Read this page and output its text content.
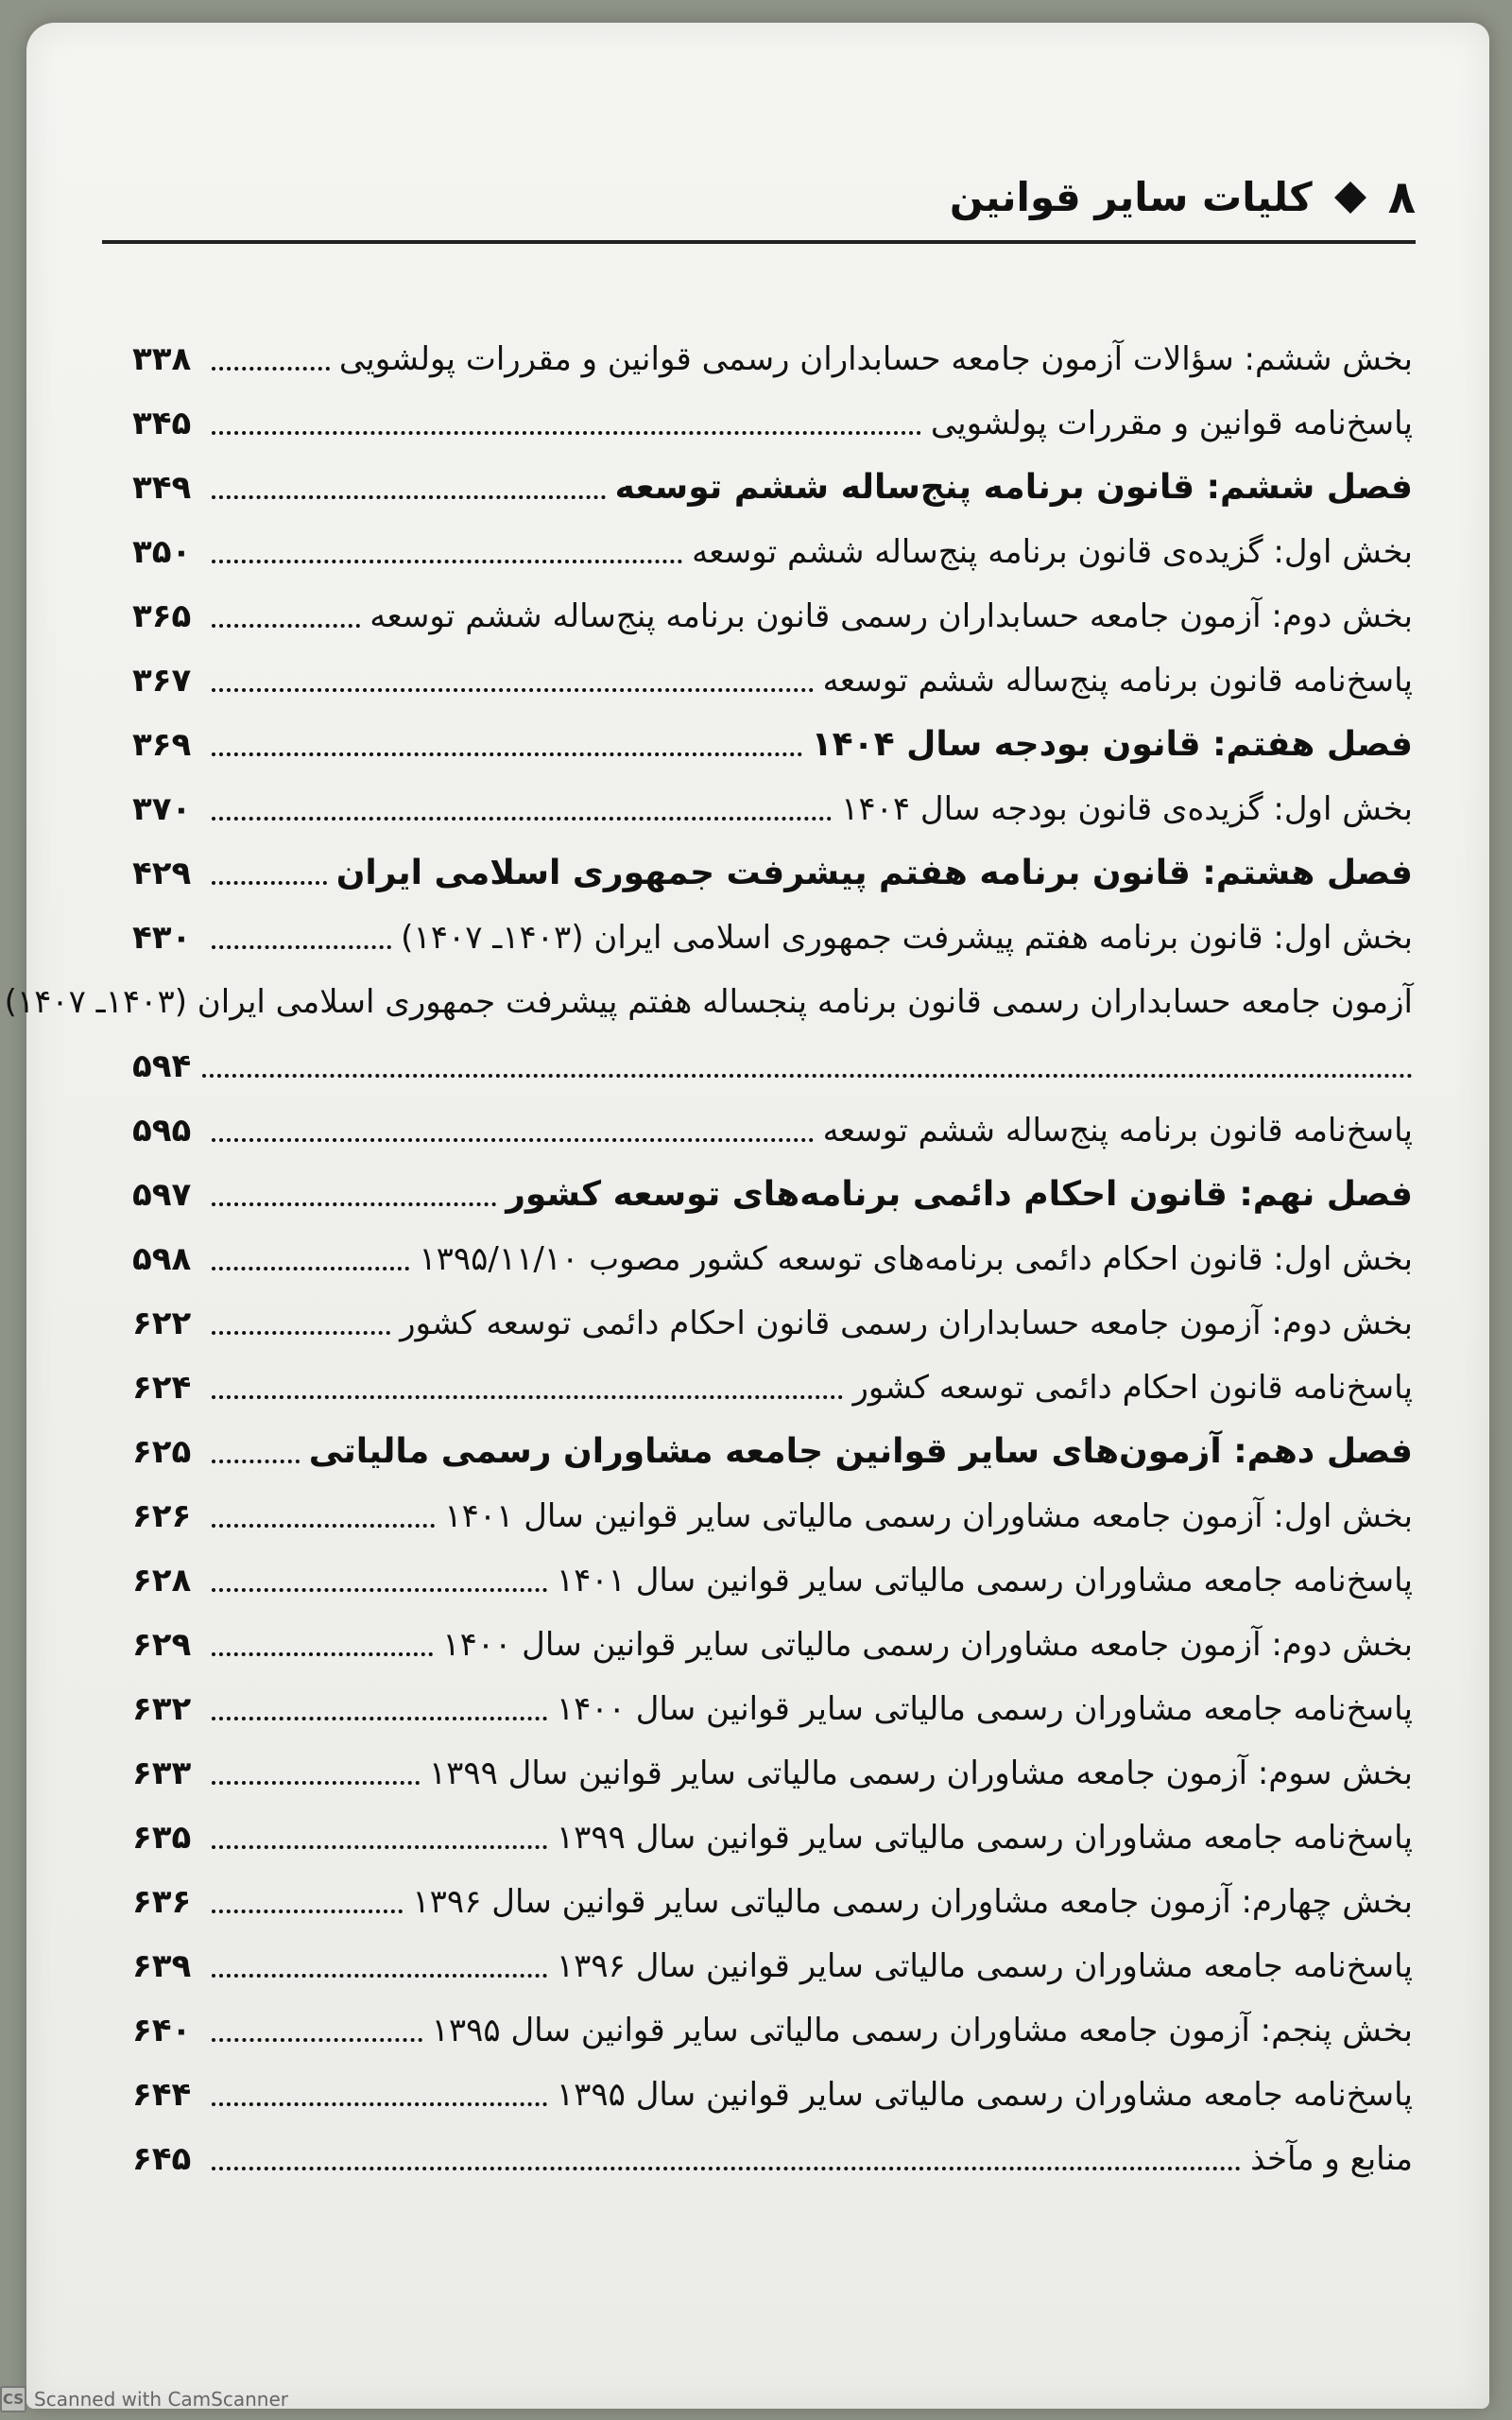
۸
کلیات سایر قوانین
بخش ششم: سؤالات آزمون جامعه حسابداران رسمی قوانین و مقررات پولشویی
۳۳۸
پاسخ‌نامه قوانین و مقررات پولشویی
۳۴۵
فصل ششم: قانون برنامه پنج‌ساله ششم توسعه
۳۴۹
بخش اول: گزیده‌ی قانون برنامه پنج‌ساله ششم توسعه
۳۵۰
بخش دوم: آزمون جامعه حسابداران رسمی قانون برنامه پنج‌ساله ششم توسعه
۳۶۵
پاسخ‌نامه قانون برنامه پنج‌ساله ششم توسعه
۳۶۷
فصل هفتم: قانون بودجه سال ۱۴۰۴
۳۶۹
بخش اول: گزیده‌ی قانون بودجه سال ۱۴۰۴
۳۷۰
فصل هشتم: قانون برنامه هفتم پیشرفت جمهوری اسلامی ایران
۴۲۹
بخش اول: قانون برنامه هفتم پیشرفت جمهوری اسلامی ایران (۱۴۰۳ـ ۱۴۰۷)
۴۳۰
آزمون جامعه حسابداران رسمی قانون برنامه پنجساله هفتم پیشرفت جمهوری اسلامی ایران (۱۴۰۳ـ ۱۴۰۷)
۵۹۴
پاسخ‌نامه قانون برنامه پنج‌ساله ششم توسعه
۵۹۵
فصل نهم: قانون احکام دائمی برنامه‌های توسعه کشور
۵۹۷
بخش اول: قانون احکام دائمی برنامه‌های توسعه کشور مصوب ۱۳۹۵/۱۱/۱۰
۵۹۸
بخش دوم: آزمون جامعه حسابداران رسمی قانون احکام دائمی توسعه کشور
۶۲۲
پاسخ‌نامه قانون احکام دائمی توسعه کشور
۶۲۴
فصل دهم: آزمون‌های سایر قوانین جامعه مشاوران رسمی مالیاتی
۶۲۵
بخش اول: آزمون جامعه مشاوران رسمی مالیاتی سایر قوانین سال ۱۴۰۱
۶۲۶
پاسخ‌نامه جامعه مشاوران رسمی مالیاتی سایر قوانین سال ۱۴۰۱
۶۲۸
بخش دوم: آزمون جامعه مشاوران رسمی مالیاتی سایر قوانین سال ۱۴۰۰
۶۲۹
پاسخ‌نامه جامعه مشاوران رسمی مالیاتی سایر قوانین سال ۱۴۰۰
۶۳۲
بخش سوم: آزمون جامعه مشاوران رسمی مالیاتی سایر قوانین سال ۱۳۹۹
۶۳۳
پاسخ‌نامه جامعه مشاوران رسمی مالیاتی سایر قوانین سال ۱۳۹۹
۶۳۵
بخش چهارم: آزمون جامعه مشاوران رسمی مالیاتی سایر قوانین سال ۱۳۹۶
۶۳۶
پاسخ‌نامه جامعه مشاوران رسمی مالیاتی سایر قوانین سال ۱۳۹۶
۶۳۹
بخش پنجم: آزمون جامعه مشاوران رسمی مالیاتی سایر قوانین سال ۱۳۹۵
۶۴۰
پاسخ‌نامه جامعه مشاوران رسمی مالیاتی سایر قوانین سال ۱۳۹۵
۶۴۴
منابع و مآخذ
۶۴۵
CS Scanned with CamScanner
